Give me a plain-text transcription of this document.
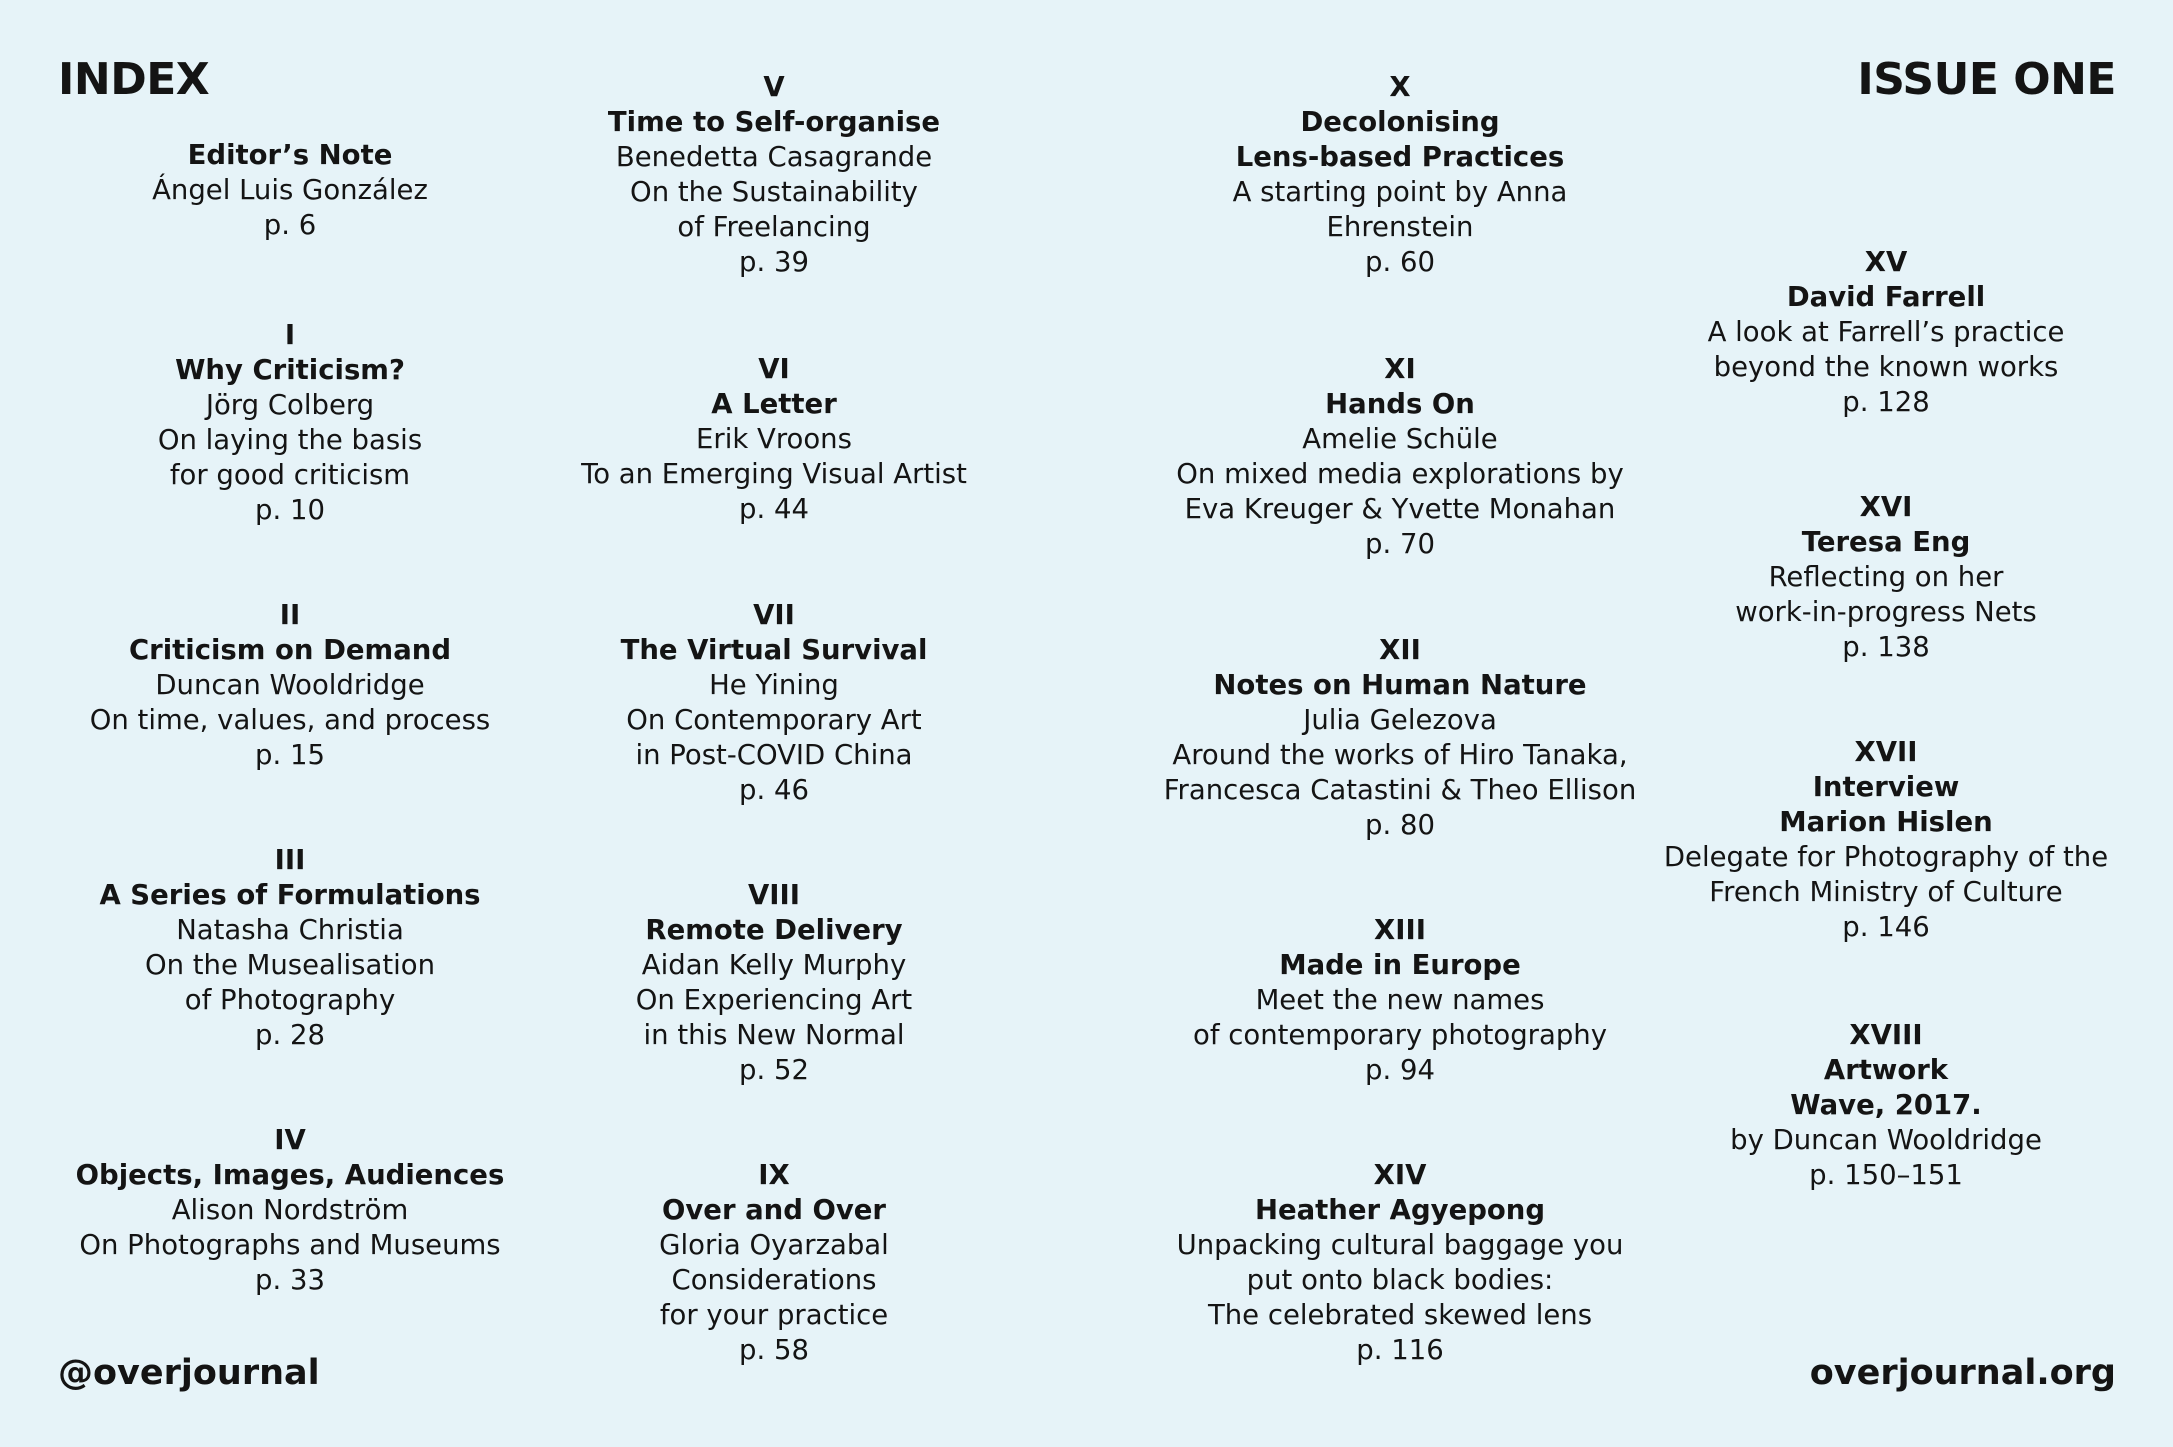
INDEX	ISSUE ONE
Editor’s Note
Ángel Luis González
p. 6
I
Why Criticism?
Jörg Colberg
On laying the basis
for good criticism
p. 10
II
Criticism on Demand
Duncan Wooldridge
On time, values, and process
p. 15
III
A Series of Formulations
Natasha Christia
On the Musealisation
of Photography
p. 28
IV
Objects, Images, Audiences
Alison Nordström
On Photographs and Museums
p. 33
V
Time to Self-organise
Benedetta Casagrande
On the Sustainability
of Freelancing
p. 39
VI
A Letter
Erik Vroons
To an Emerging Visual Artist
p. 44
VII
The Virtual Survival
He Yining
On Contemporary Art
in Post-COVID China
p. 46
VIII
Remote Delivery
Aidan Kelly Murphy
On Experiencing Art
in this New Normal
p. 52
IX
Over and Over
Gloria Oyarzabal
Considerations
for your practice
p. 58
X
Decolonising
Lens-based Practices
A starting point by Anna
Ehrenstein
p. 60
XI
Hands On
Amelie Schüle
On mixed media explorations by
Eva Kreuger & Yvette Monahan
p. 70
XII
Notes on Human Nature
Julia Gelezova
Around the works of Hiro Tanaka,
Francesca Catastini & Theo Ellison
p. 80
XIII
Made in Europe
Meet the new names
of contemporary photography
p. 94
XIV
Heather Agyepong
Unpacking cultural baggage you
put onto black bodies:
The celebrated skewed lens
p. 116
XV
David Farrell
A look at Farrell’s practice
beyond the known works
p. 128
XVI
Teresa Eng
Reflecting on her
work-in-progress Nets
p. 138
XVII
Interview
Marion Hislen
Delegate for Photography of the
French Ministry of Culture
p. 146
XVIII
Artwork
Wave, 2017.
by Duncan Wooldridge
p. 150–151
@overjournal	overjournal.org
